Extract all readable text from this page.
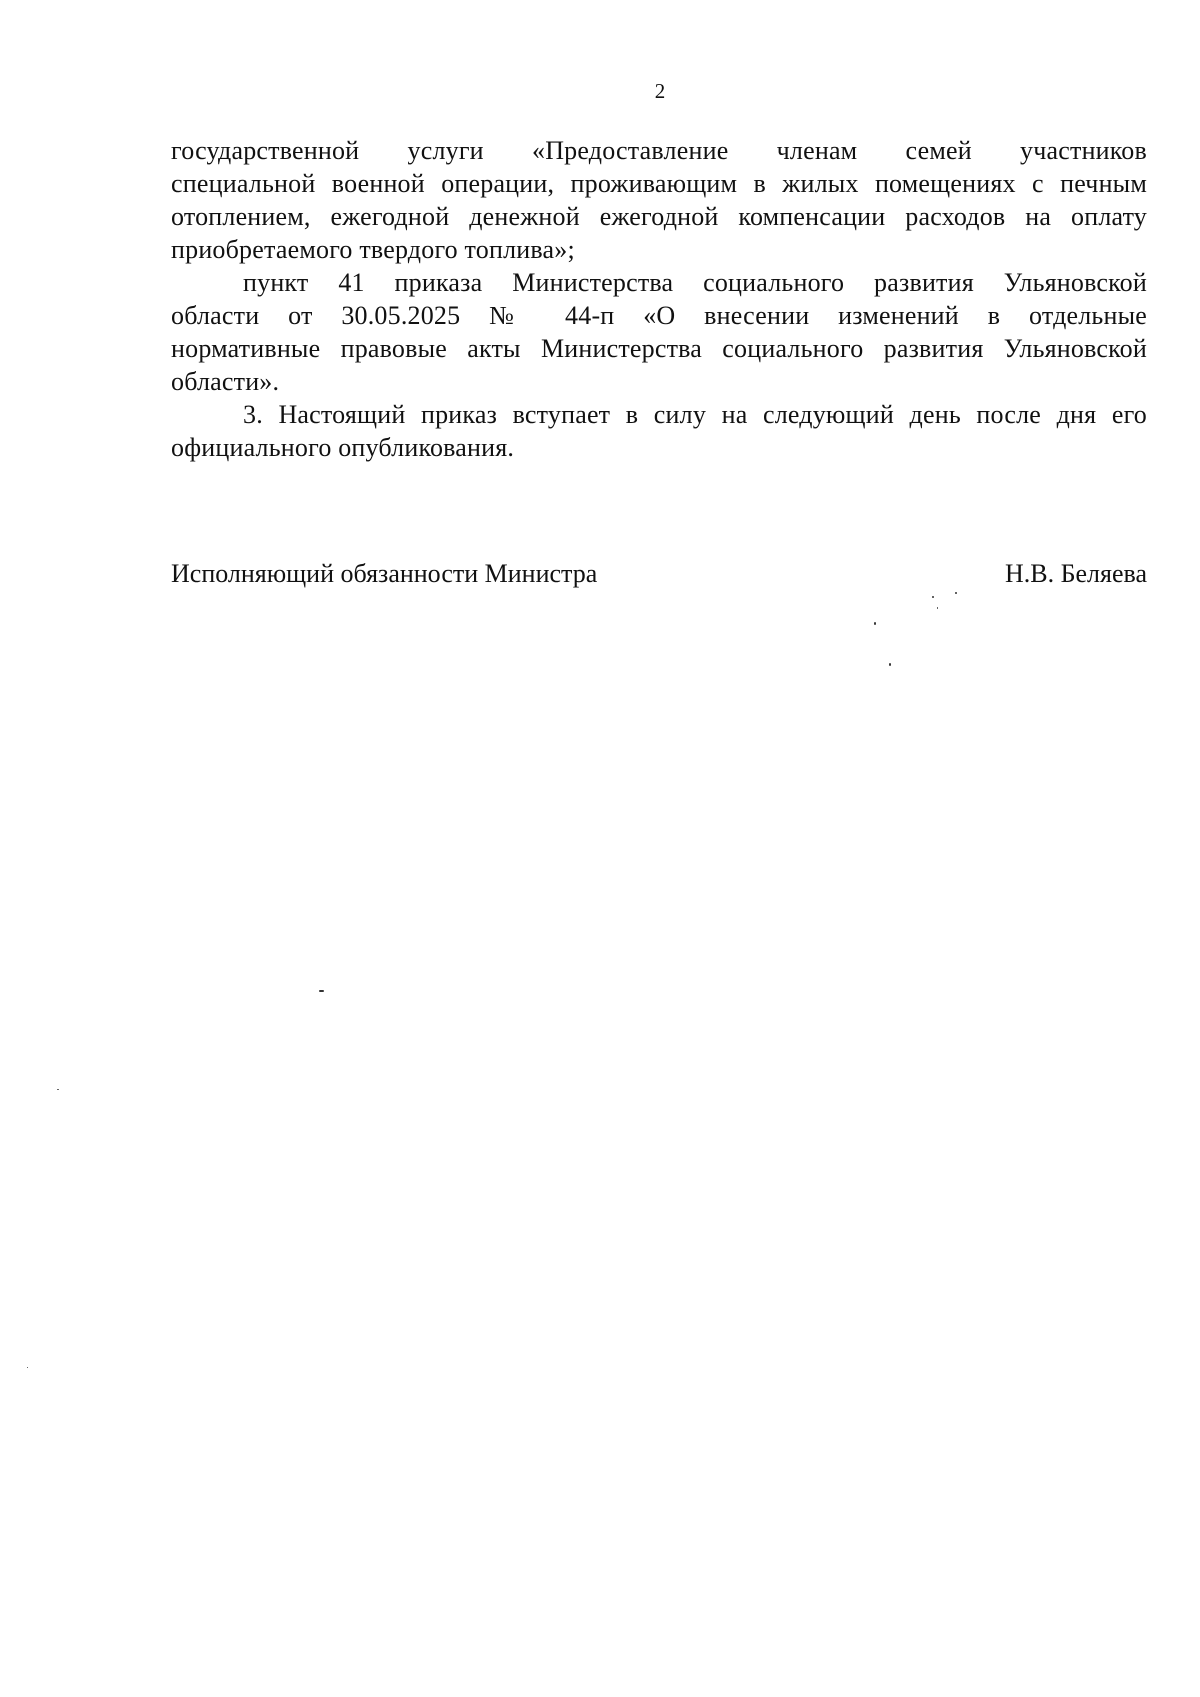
2

государственной услуги «Предоставление членам семей участников
специальной военной операции, проживающим в жилых помещениях с печным
отоплением, ежегодной денежной ежегодной компенсации расходов на оплату
приобретаемого твердого топлива»;

пункт 41 приказа Министерства социального развития Ульяновской
области от 30.05.2025 № 44-п «О внесении изменений в отдельные
нормативные правовые акты Министерства социального развития Ульяновской
области».

3. Настоящий приказ вступает в силу на следующий день после дня его
официального опубликования.

Исполняющий обязанности Министра	Н.В. Беляева
